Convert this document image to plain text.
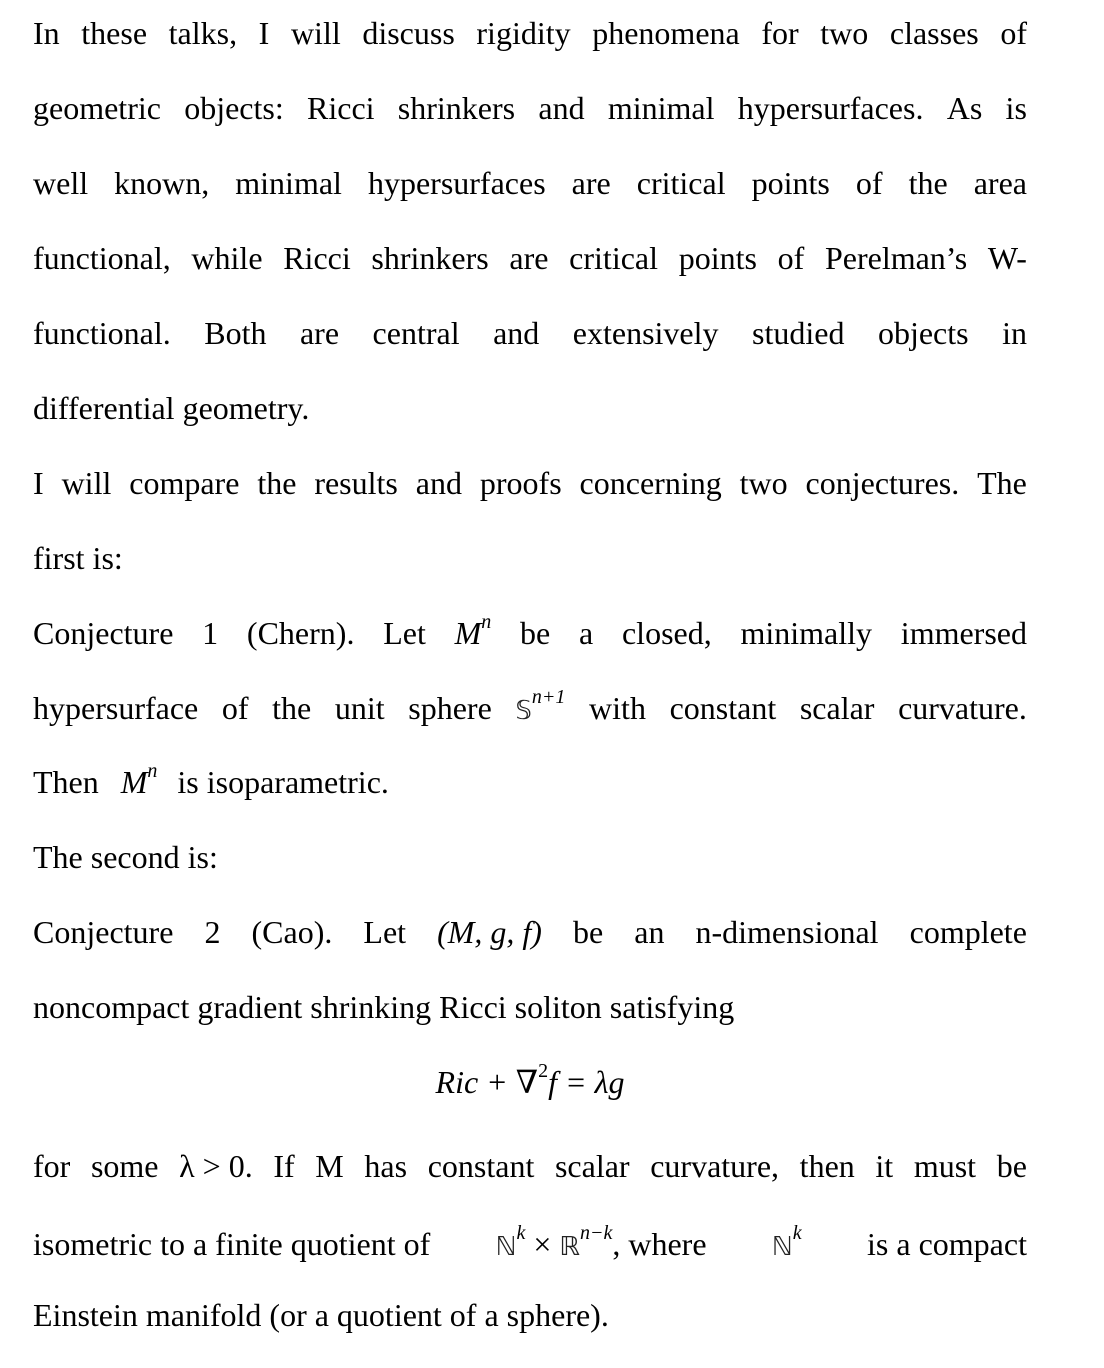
In these talks, I will discuss rigidity phenomena for two classes of
geometric objects: Ricci shrinkers and minimal hypersurfaces. As is
well known, minimal hypersurfaces are critical points of the area
functional, while Ricci shrinkers are critical points of Perelman’s W-
functional. Both are central and extensively studied objects in
differential geometry.
I will compare the results and proofs concerning two conjectures. The
first is:
Conjecture 1 (Chern). Let $M^n$ be a closed, minimally immersed
hypersurface of the unit sphere 𝕊$^{n+1}$ with constant scalar curvature.
Then $M^n$ is isoparametric.
The second is:
Conjecture 2 (Cao). Let (M, g, f) be an n-dimensional complete
noncompact gradient shrinking Ricci soliton satisfying
Ric + ∇$^2$f = λg
for some λ > 0. If M has constant scalar curvature, then it must be
isometric to a finite quotient of	ℕ$^k$ × ℝ$^{n-k}$, where	ℕ$^k$ is a compact
Einstein manifold (or a quotient of a sphere).
